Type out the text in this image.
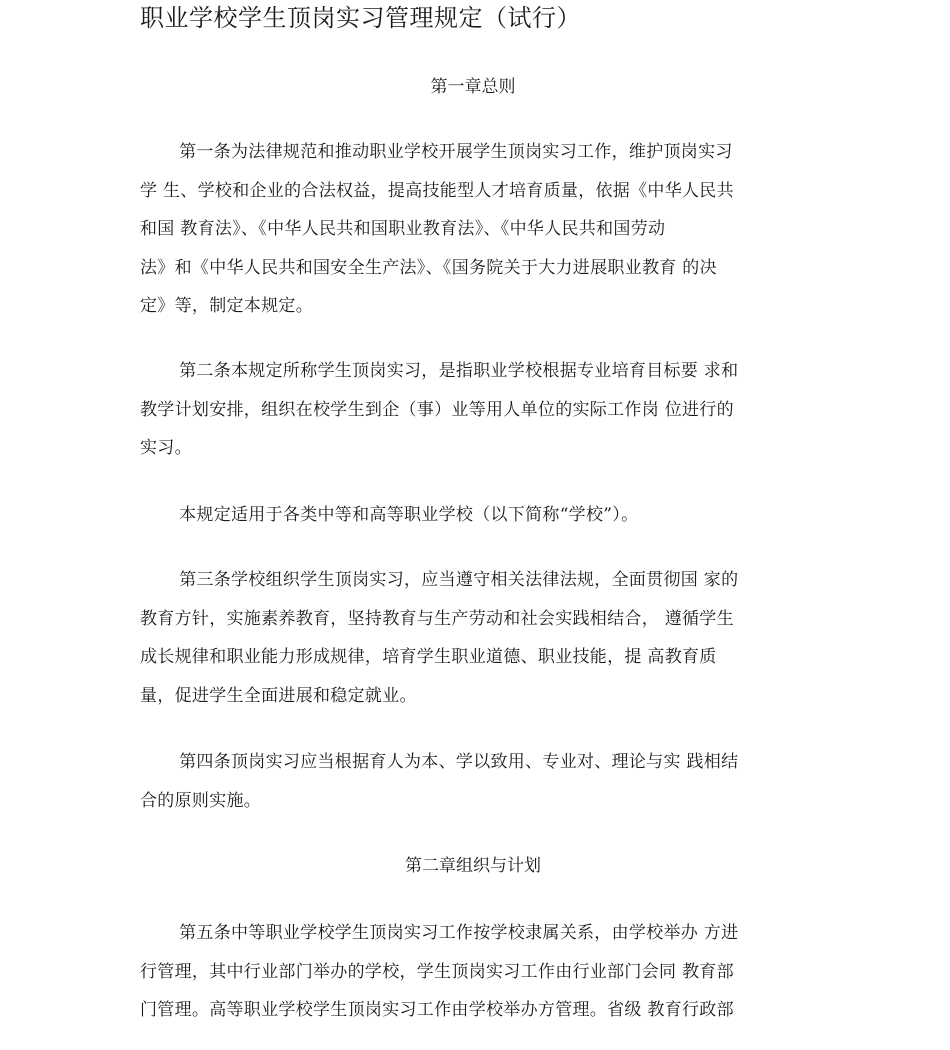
职业学校学生顶岗实习管理规定（试行）
第一章总则

第一条为法律规范和推动职业学校开展学生顶岗实习工作，维护顶岗实习
学 生、学校和企业的合法权益，提高技能型人才培育质量，依据《中华人民共
和国 教育法》、《中华人民共和国职业教育法》、《中华人民共和国劳动
法》和《中华人民共和国安全生产法》、《国务院关于大力进展职业教育 的决
定》等，制定本规定。

第二条本规定所称学生顶岗实习，是指职业学校根据专业培育目标要 求和
教学计划安排，组织在校学生到企（事）业等用人单位的实际工作岗 位进行的
实习。

本规定适用于各类中等和高等职业学校（以下简称“学校”）。

第三条学校组织学生顶岗实习，应当遵守相关法律法规，全面贯彻国 家的
教育方针，实施素养教育，坚持教育与生产劳动和社会实践相结合， 遵循学生
成长规律和职业能力形成规律，培育学生职业道德、职业技能，提 高教育质
量，促进学生全面进展和稳定就业。

第四条顶岗实习应当根据育人为本、学以致用、专业对、理论与实 践相结
合的原则实施。

第二章组织与计划

第五条中等职业学校学生顶岗实习工作按学校隶属关系，由学校举办 方进
行管理，其中行业部门举办的学校，学生顶岗实习工作由行业部门会同 教育部
门管理。高等职业学校学生顶岗实习工作由学校举办方管理。省级 教育行政部
